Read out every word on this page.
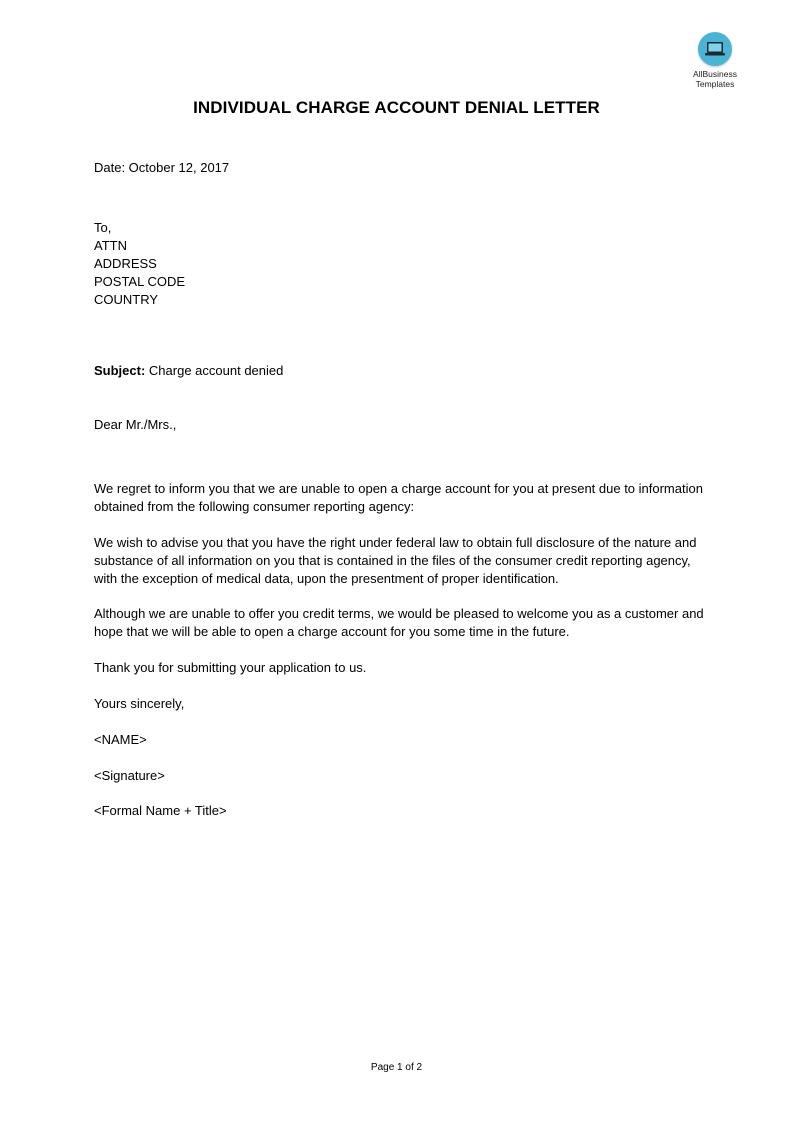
AllBusiness
Templates
INDIVIDUAL CHARGE ACCOUNT DENIAL LETTER
Date: October 12, 2017
To,
ATTN
ADDRESS
POSTAL CODE
COUNTRY
Subject: Charge account denied
Dear Mr./Mrs.,
We regret to inform you that we are unable to open a charge account for you at present due to information obtained from the following consumer reporting agency:
We wish to advise you that you have the right under federal law to obtain full disclosure of the nature and substance of all information on you that is contained in the files of the consumer credit reporting agency, with the exception of medical data, upon the presentment of proper identification.
Although we are unable to offer you credit terms, we would be pleased to welcome you as a customer and hope that we will be able to open a charge account for you some time in the future.
Thank you for submitting your application to us.
Yours sincerely,
<NAME>
<Signature>
<Formal Name + Title>
Page 1 of 2
